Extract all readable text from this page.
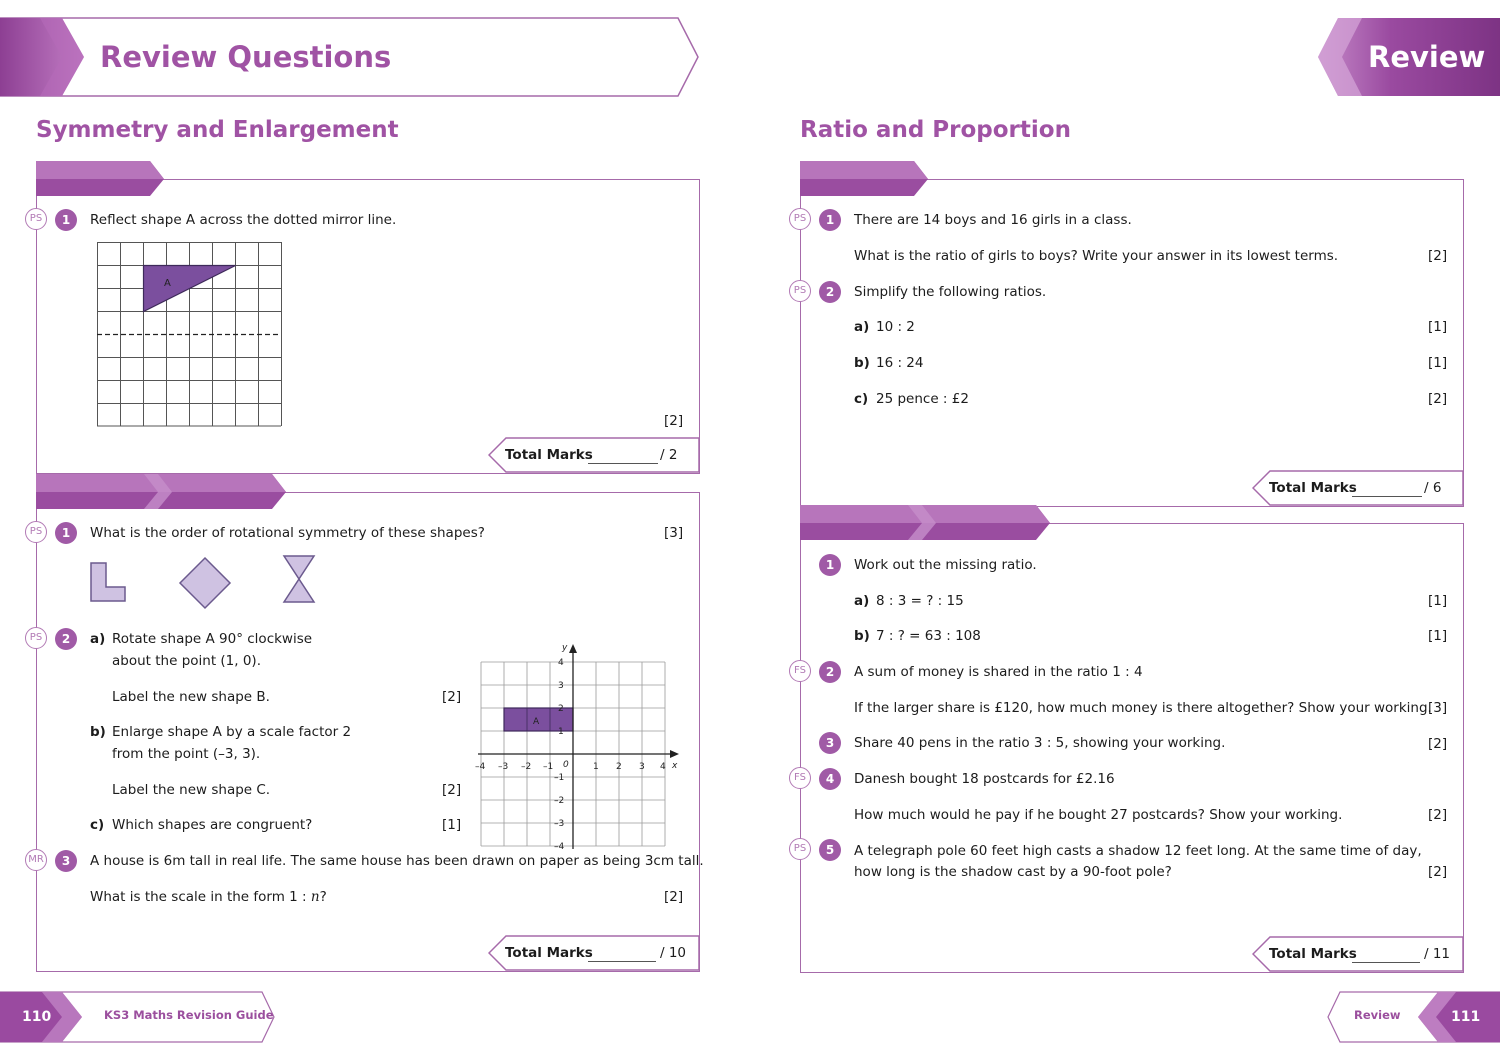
Review Questions	Review
Symmetry and Enlargement	Ratio and Proportion
PS	1	Reflect shape A across the dotted mirror line.
A
[2]
Total Marks	/ 2
PS	1	What is the order of rotational symmetry of these shapes?	[3]
PS	2	a) Rotate shape A 90° clockwise
about the point (1, 0).
Label the new shape B.	[2]
b) Enlarge shape A by a scale factor 2
from the point (–3, 3).
Label the new shape C.	[2]
c) Which shapes are congruent?	[1]
A
x
y
0
–4 –3 –2 –1	1 2 3 4
4
3
2
1
–1
–2
–3
–4
MR	3	A house is 6m tall in real life. The same house has been drawn on paper as being 3cm tall.
What is the scale in the form 1 : n?	[2]
Total Marks	/ 10
PS	1	There are 14 boys and 16 girls in a class.
What is the ratio of girls to boys? Write your answer in its lowest terms.	[2]
PS	2	Simplify the following ratios.
a) 10 : 2	[1]
b) 16 : 24	[1]
c) 25 pence : £2	[2]
Total Marks	/ 6
1	Work out the missing ratio.
a) 8 : 3 = ? : 15	[1]
b) 7 : ? = 63 : 108	[1]
FS	2	A sum of money is shared in the ratio 1 : 4
If the larger share is £120, how much money is there altogether? Show your working.
[3]
3	Share 40 pens in the ratio 3 : 5, showing your working.	[2]
FS	4	Danesh bought 18 postcards for £2.16
How much would he pay if he bought 27 postcards? Show your working.	[2]
PS	5	A telegraph pole 60 feet high casts a shadow 12 feet long. At the same time of day,
how long is the shadow cast by a 90-foot pole?	[2]
Total Marks	/ 11
110	KS3 Maths Revision Guide	Review	111
